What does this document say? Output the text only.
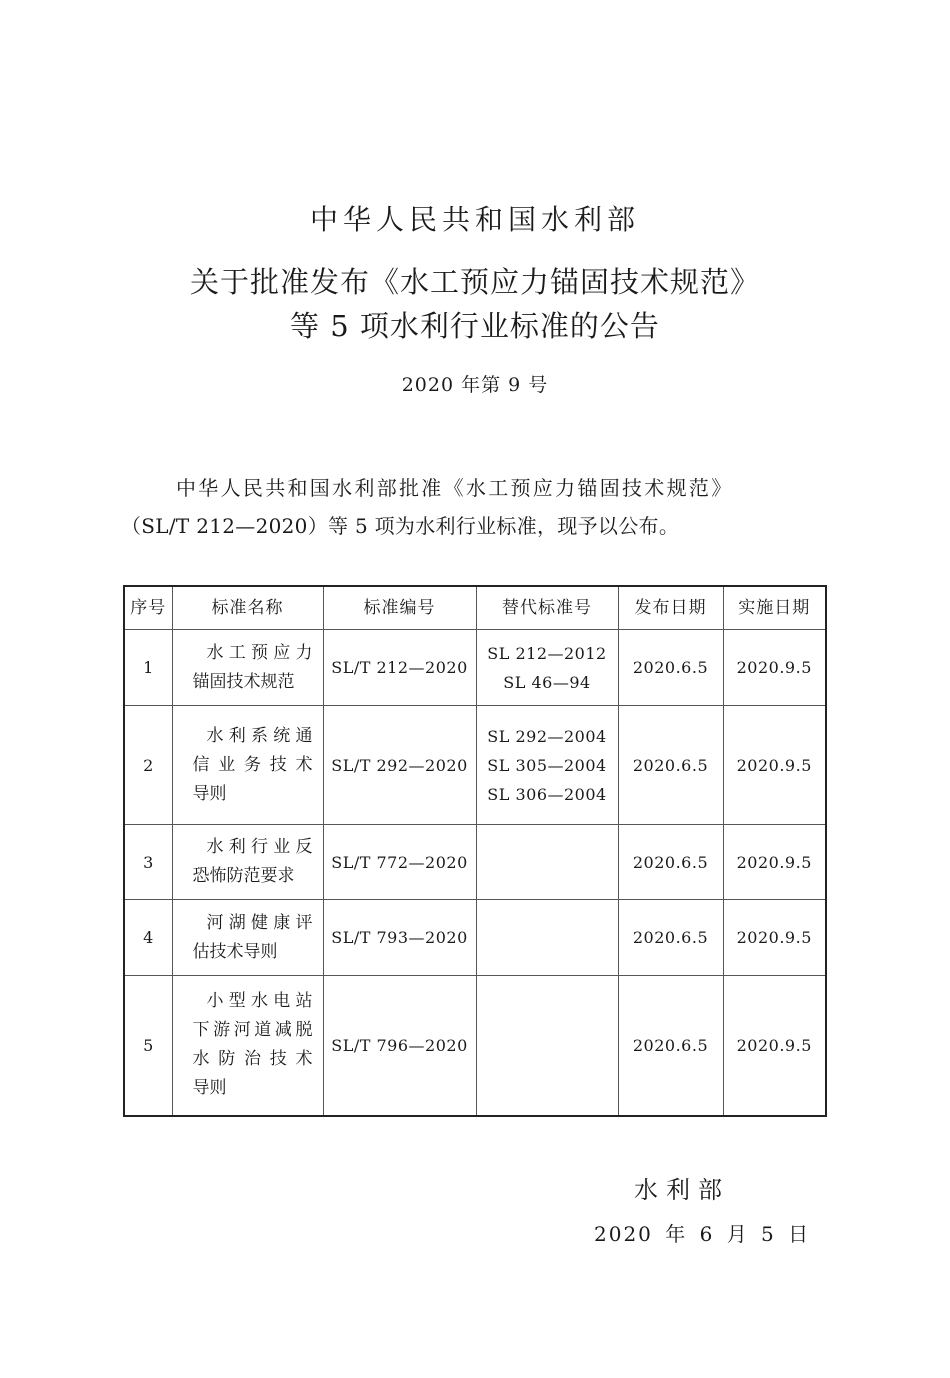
中华人民共和国水利部
关于批准发布《水工预应力锚固技术规范》
等 5 项水利行业标准的公告
2020 年第 9 号
中华人民共和国水利部批准《水工预应力锚固技术规范》
（SL/T 212—2020）等 5 项为水利行业标准，现予以公布。
序号	标准名称	标准编号	替代标准号	发布日期	实施日期
1	水工预应力
锚固技术规范	SL/T 212—2020	SL 212—2012
SL 46—94	2020.6.5	2020.9.5
2	水利系统通
信业务技术
导则	SL/T 292—2020	SL 292—2004
SL 305—2004
SL 306—2004	2020.6.5	2020.9.5
3	水利行业反
恐怖防范要求	SL/T 772—2020		2020.6.5	2020.9.5
4	河湖健康评
估技术导则	SL/T 793—2020		2020.6.5	2020.9.5
5	小型水电站
下游河道减脱
水防治技术
导则	SL/T 796—2020		2020.6.5	2020.9.5
水利部
2020 年 6 月 5 日
